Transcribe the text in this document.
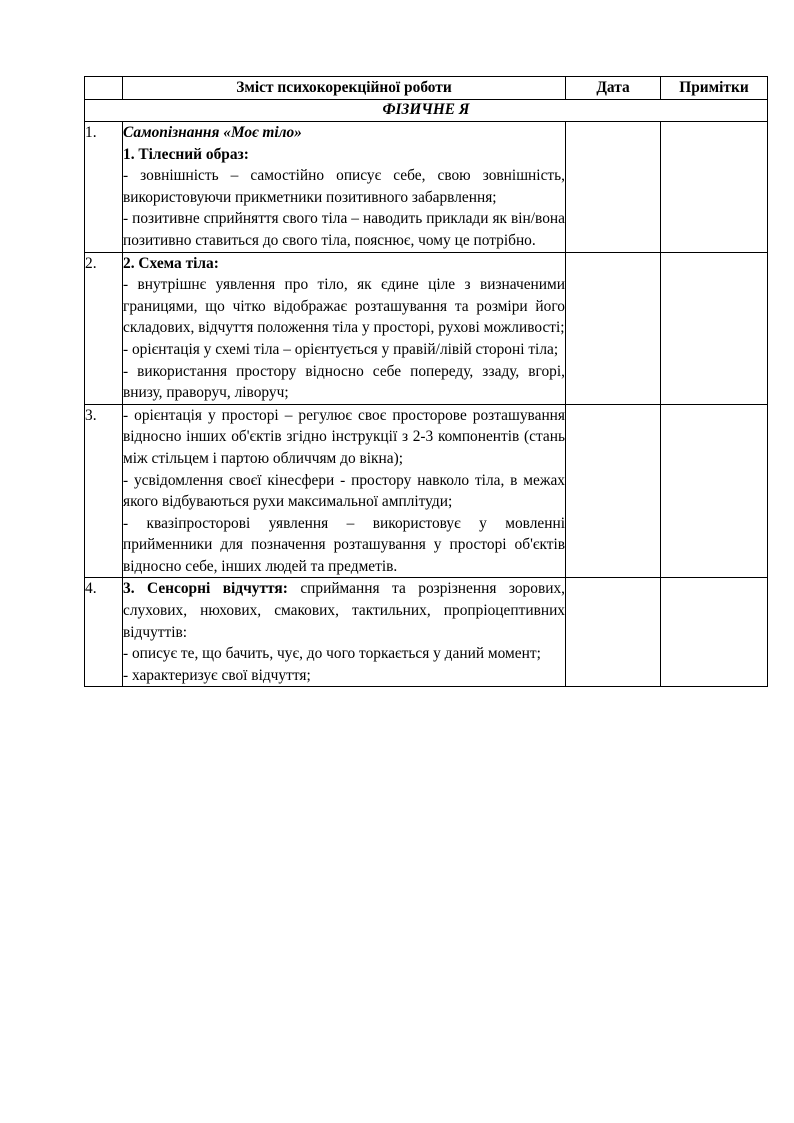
	Зміст психокорекційної роботи	Дата	Примітки
ФІЗИЧНЕ Я			
1.	Самопізнання «Моє тіло»
1. Тілесний образ:
- зовнішність – самостійно описує себе, свою зовнішність, використовуючи прикметники позитивного забарвлення;
- позитивне сприйняття свого тіла – наводить приклади як він/вона позитивно ставиться до свого тіла, пояснює, чому це потрібно.		

2.	2. Схема тіла:
- внутрішнє уявлення про тіло, як єдине ціле з визначеними границями, що чітко відображає розташування та розміри його складових, відчуття положення тіла у просторі, рухові можливості;
- орієнтація у схемі тіла – орієнтується у правій/лівій стороні тіла;
- використання простору відносно себе попереду, ззаду, вгорі, внизу, праворуч, ліворуч;		

3.	- орієнтація у просторі – регулює своє просторове розташування відносно інших об'єктів згідно інструкції з 2-3 компонентів (стань між стільцем і партою обличчям до вікна);
- усвідомлення своєї кінесфери - простору навколо тіла, в межах якого відбуваються рухи максимальної амплітуди;
- квазіпросторові уявлення – використовує у мовленні прийменники для позначення розташування у просторі об'єктів відносно себе, інших людей та предметів.		

4.	3. Сенсорні відчуття: сприймання та розрізнення зорових, слухових, нюхових, смакових, тактильних, пропріоцептивних відчуттів:
- описує те, що бачить, чує, до чого торкається у даний момент;
- характеризує свої відчуття;		
